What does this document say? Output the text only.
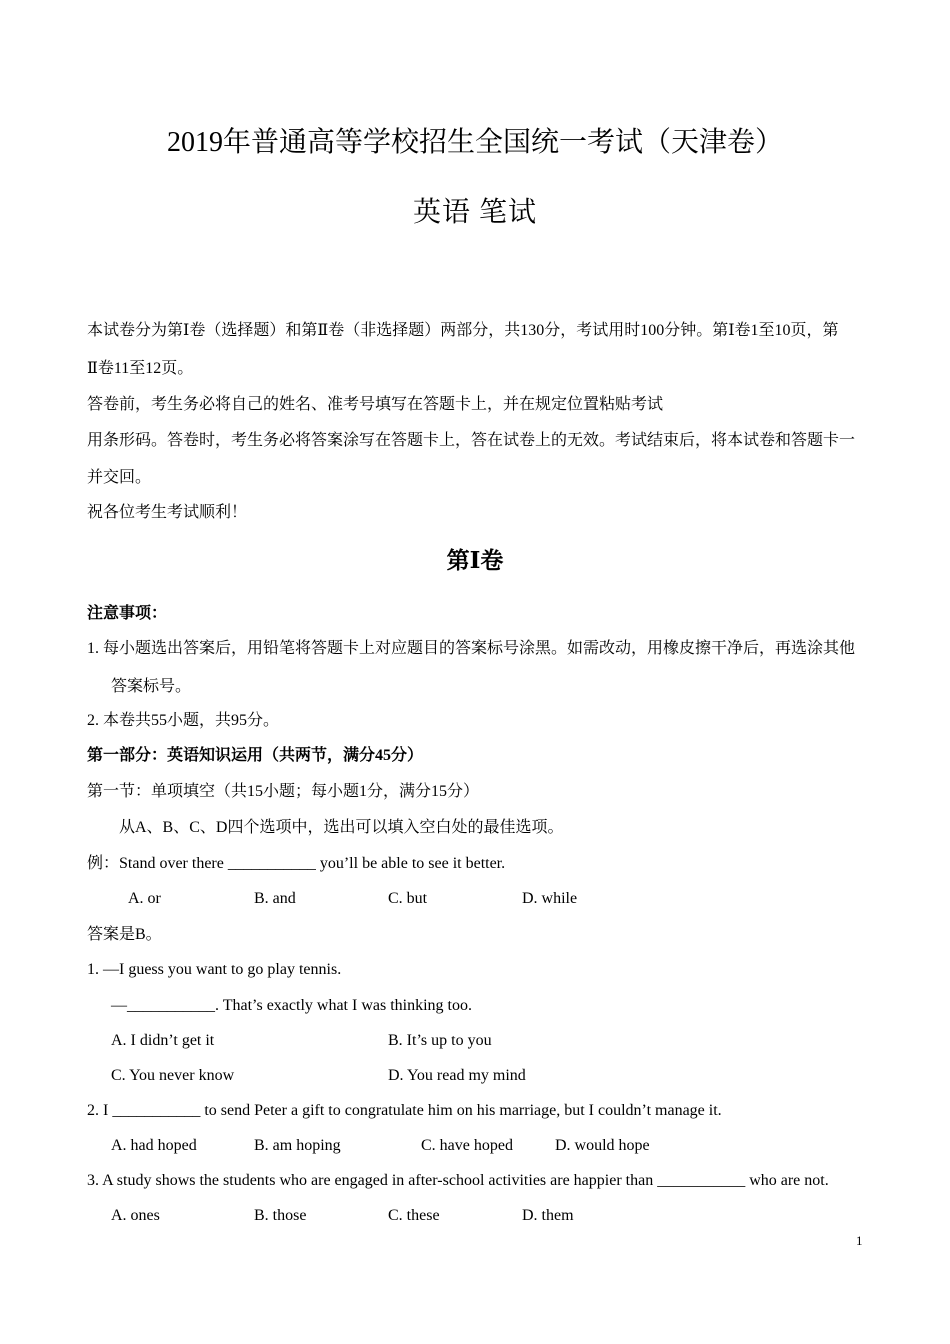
2019年普通高等学校招生全国统一考试（天津卷）
英语 笔试
本试卷分为第Ⅰ卷（选择题）和第Ⅱ卷（非选择题）两部分，共130分，考试用时100分钟。第Ⅰ卷1至10页，第
Ⅱ卷11至12页。
答卷前，考生务必将自己的姓名、准考号填写在答题卡上，并在规定位置粘贴考试
用条形码。答卷时，考生务必将答案涂写在答题卡上，答在试卷上的无效。考试结束后，将本试卷和答题卡一
并交回。
祝各位考生考试顺利！
第Ⅰ卷
注意事项：
1. 每小题选出答案后，用铅笔将答题卡上对应题目的答案标号涂黑。如需改动，用橡皮擦干净后，再选涂其他
答案标号。
2. 本卷共55小题，共95分。
第一部分：英语知识运用（共两节，满分45分）
第一节：单项填空（共15小题；每小题1分，满分15分）
从A、B、C、D四个选项中，选出可以填入空白处的最佳选项。
例：Stand over there ___________ you’ll be able to see it better.
A. or	B. and	C. but	D. while
答案是B。
1. —I guess you want to go play tennis.
—___________. That’s exactly what I was thinking too.
A. I didn’t get it	B. It’s up to you
C. You never know	D. You read my mind
2. I ___________ to send Peter a gift to congratulate him on his marriage, but I couldn’t manage it.
A. had hoped	B. am hoping	C. have hoped	D. would hope
3. A study shows the students who are engaged in after-school activities are happier than ___________ who are not.
A. ones	B. those	C. these	D. them
1
